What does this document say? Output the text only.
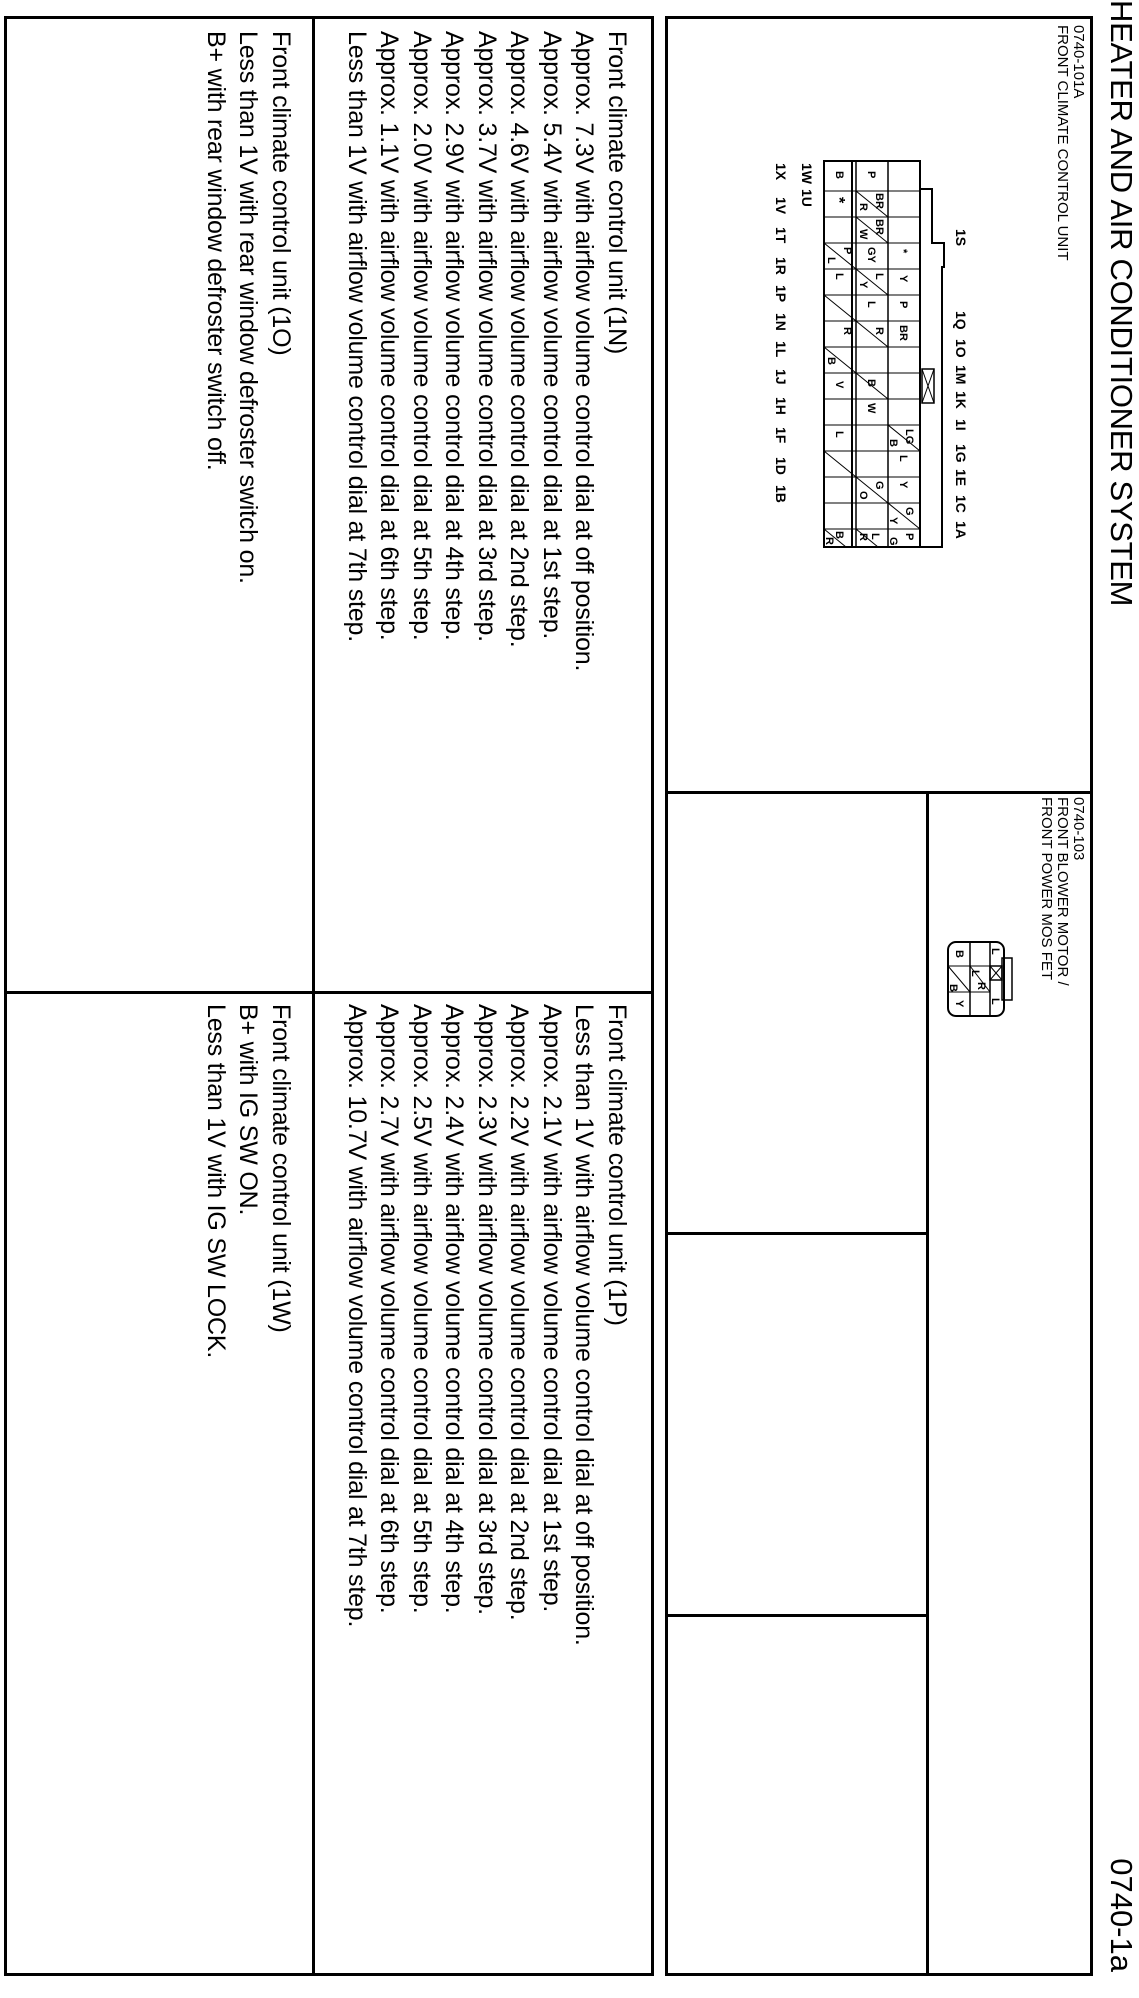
HEATER AND AIR CONDITIONER SYSTEM
0740-1a
0740-101A
FRONT CLIMATE CONTROL UNIT
1S
1Q
1O
1M
1K
1I
1G
1E
1C
1A
*
Y
P
BR
LG
L
Y
G
P
B
Y
G
P
BR
BR
GY
L
L
R
B
W
G
L
R
W
Y
O
R
B
*
P
L
R
V
L
B
L
B
R
1W
1U
1X
1V
1T
1R
1P
1N
1L
1J
1H
1F
1D
1B
0740-103
FRONT BLOWER MOTOR /
FRONT POWER MOS FET
L
R
L
B
L
Y
B
Front climate control unit (1N)
Approx. 7.3V with airflow volume control dial at off position.
Approx. 5.4V with airflow volume control dial at 1st step.
Approx. 4.6V with airflow volume control dial at 2nd step.
Approx. 3.7V with airflow volume control dial at 3rd step.
Approx. 2.9V with airflow volume control dial at 4th step.
Approx. 2.0V with airflow volume control dial at 5th step.
Approx. 1.1V with airflow volume control dial at 6th step.
Less than 1V with airflow volume control dial at 7th step.
Front climate control unit (1P)
Less than 1V with airflow volume control dial at off position.
Approx. 2.1V with airflow volume control dial at 1st step.
Approx. 2.2V with airflow volume control dial at 2nd step.
Approx. 2.3V with airflow volume control dial at 3rd step.
Approx. 2.4V with airflow volume control dial at 4th step.
Approx. 2.5V with airflow volume control dial at 5th step.
Approx. 2.7V with airflow volume control dial at 6th step.
Approx. 10.7V with airflow volume control dial at 7th step.
Front climate control unit (1O)
Less than 1V with rear window defroster switch on.
B+ with rear window defroster switch off.
Front climate control unit (1W)
B+ with IG SW ON.
Less than 1V with IG SW LOCK.
